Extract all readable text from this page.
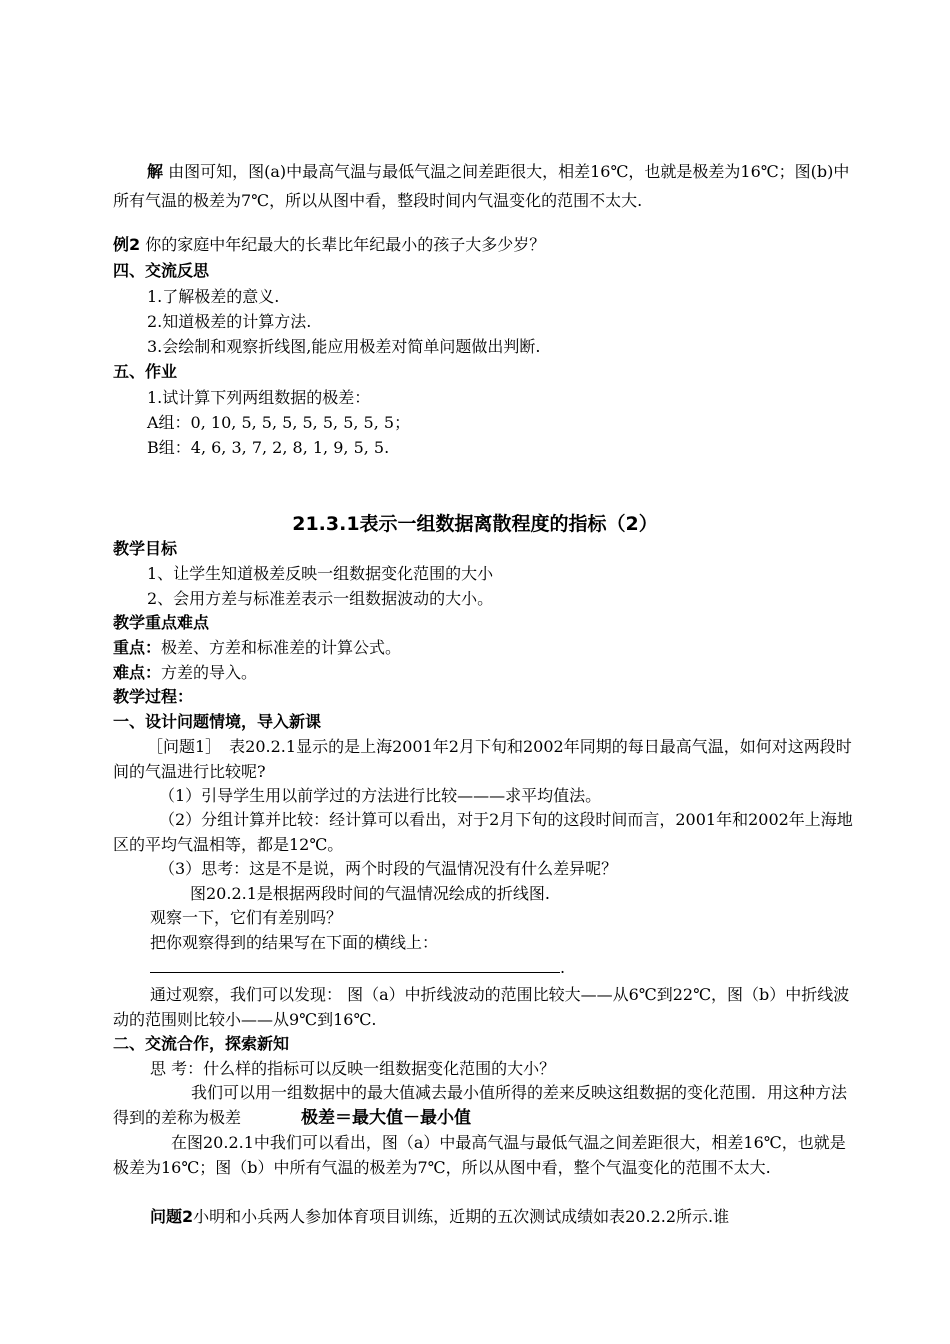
解 由图可知，图(a)中最高气温与最低气温之间差距很大，相差16℃，也就是极差为16℃；图(b)中所有气温的极差为7℃，所以从图中看，整段时间内气温变化的范围不太大.

例2 你的家庭中年纪最大的长辈比年纪最小的孩子大多少岁？

四、交流反思

1.了解极差的意义.

2.知道极差的计算方法.

3.会绘制和观察折线图,能应用极差对简单问题做出判断.

五、作业

1.试计算下列两组数据的极差：

A组：0, 10, 5, 5, 5, 5, 5, 5, 5, 5；

B组：4, 6, 3, 7, 2, 8, 1, 9, 5, 5.

21.3.1表示一组数据离散程度的指标（2）

教学目标

1、让学生知道极差反映一组数据变化范围的大小

2、会用方差与标准差表示一组数据波动的大小。

教学重点难点

重点：极差、方差和标准差的计算公式。

难点：方差的导入。

教学过程：

一、设计问题情境，导入新课

［问题1］　表20.2.1显示的是上海2001年2月下旬和2002年同期的每日最高气温，如何对这两段时间的气温进行比较呢?

（1）引导学生用以前学过的方法进行比较———求平均值法。

（2）分组计算并比较：经计算可以看出，对于2月下旬的这段时间而言，2001年和2002年上海地区的平均气温相等，都是12℃。

（3）思考：这是不是说，两个时段的气温情况没有什么差异呢？

图20.2.1是根据两段时间的气温情况绘成的折线图.

观察一下，它们有差别吗？

把你观察得到的结果写在下面的横线上：

.

通过观察，我们可以发现： 图（a）中折线波动的范围比较大——从6℃到22℃，图（b）中折线波动的范围则比较小——从9℃到16℃.

二、交流合作，探索新知

思 考：什么样的指标可以反映一组数据变化范围的大小？

我们可以用一组数据中的最大值减去最小值所得的差来反映这组数据的变化范围．用这种方法得到的差称为极差	极差＝最大值－最小值

在图20.2.1中我们可以看出，图（a）中最高气温与最低气温之间差距很大，相差16℃，也就是极差为16℃；图（b）中所有气温的极差为7℃，所以从图中看，整个气温变化的范围不太大.

问题2小明和小兵两人参加体育项目训练，近期的五次测试成绩如表20.2.2所示.谁
